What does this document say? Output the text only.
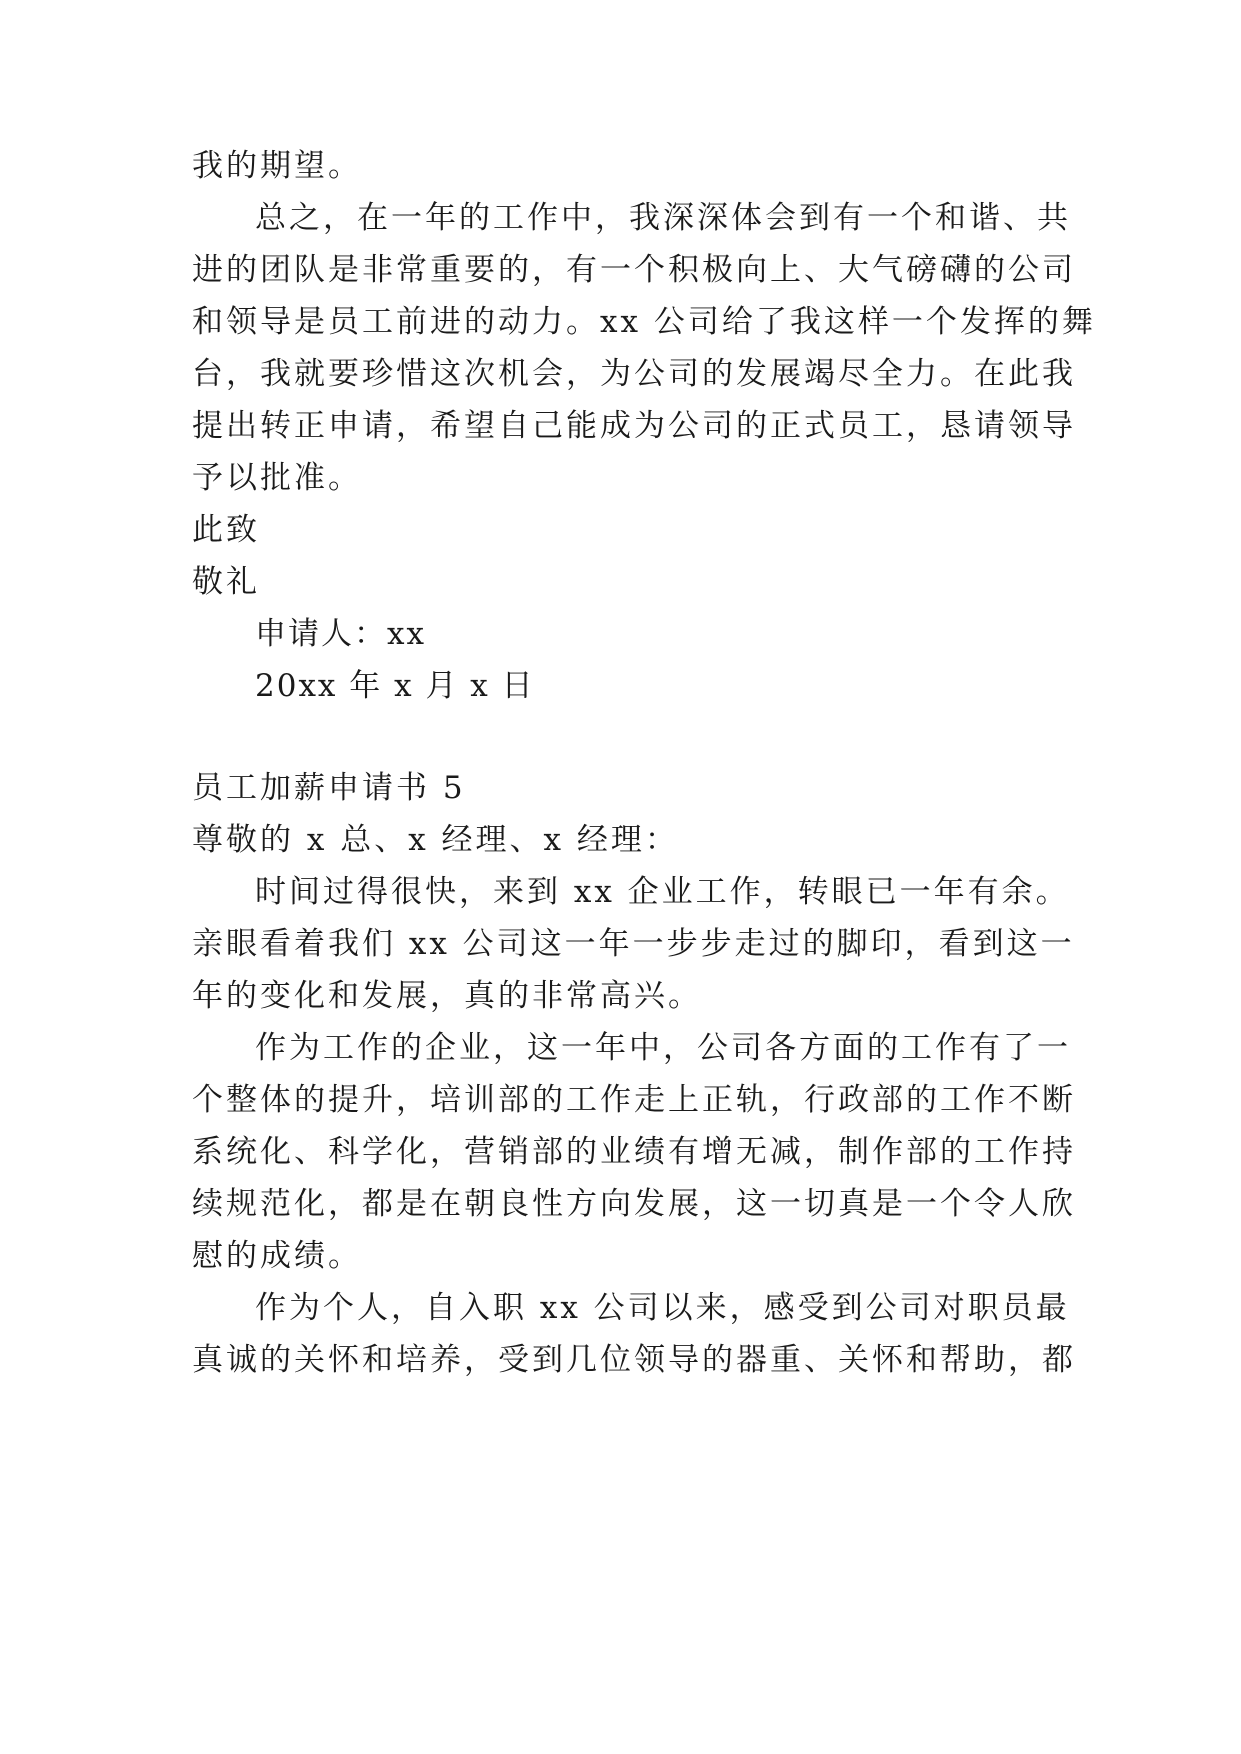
我的期望。
总之，在一年的工作中，我深深体会到有一个和谐、共
进的团队是非常重要的，有一个积极向上、大气磅礴的公司
和领导是员工前进的动力。xx 公司给了我这样一个发挥的舞
台，我就要珍惜这次机会，为公司的发展竭尽全力。在此我
提出转正申请，希望自己能成为公司的正式员工，恳请领导
予以批准。
此致
敬礼
申请人：xx
20xx 年 x 月 x 日
员工加薪申请书 5
尊敬的 x 总、x 经理、x 经理：
时间过得很快，来到 xx 企业工作，转眼已一年有余。
亲眼看着我们 xx 公司这一年一步步走过的脚印，看到这一
年的变化和发展，真的非常高兴。
作为工作的企业，这一年中，公司各方面的工作有了一
个整体的提升，培训部的工作走上正轨，行政部的工作不断
系统化、科学化，营销部的业绩有增无减，制作部的工作持
续规范化，都是在朝良性方向发展，这一切真是一个令人欣
慰的成绩。
作为个人，自入职 xx 公司以来，感受到公司对职员最
真诚的关怀和培养，受到几位领导的器重、关怀和帮助，都
